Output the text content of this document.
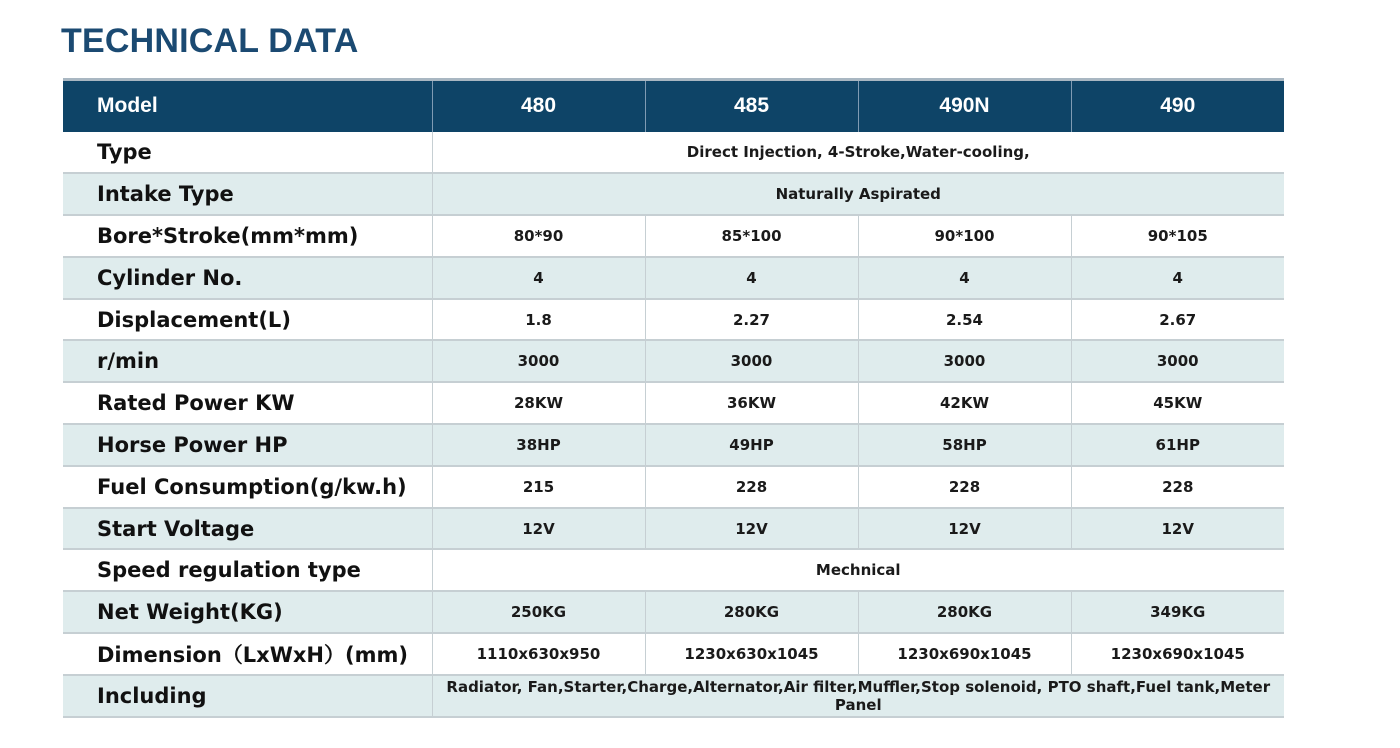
TECHNICAL DATA
Model	480	485	490N	490
Type	Direct Injection, 4-Stroke,Water-cooling,			
Intake Type	Naturally Aspirated			
Bore*Stroke(mm*mm)	80*90	85*100	90*100	90*105
Cylinder No.	4	4	4	4
Displacement(L)	1.8	2.27	2.54	2.67
r/min	3000	3000	3000	3000
Rated Power KW	28KW	36KW	42KW	45KW
Horse Power HP	38HP	49HP	58HP	61HP
Fuel Consumption(g/kw.h)	215	228	228	228
Start Voltage	12V	12V	12V	12V
Speed regulation type	Mechnical			
Net Weight(KG)	250KG	280KG	280KG	349KG
Dimension（LxWxH）(mm)	1110x630x950	1230x630x1045	1230x690x1045	1230x690x1045
Including	Radiator, Fan,Starter,Charge,Alternator,Air filter,Muffler,Stop solenoid, PTO shaft,Fuel tank,Meter Panel			
